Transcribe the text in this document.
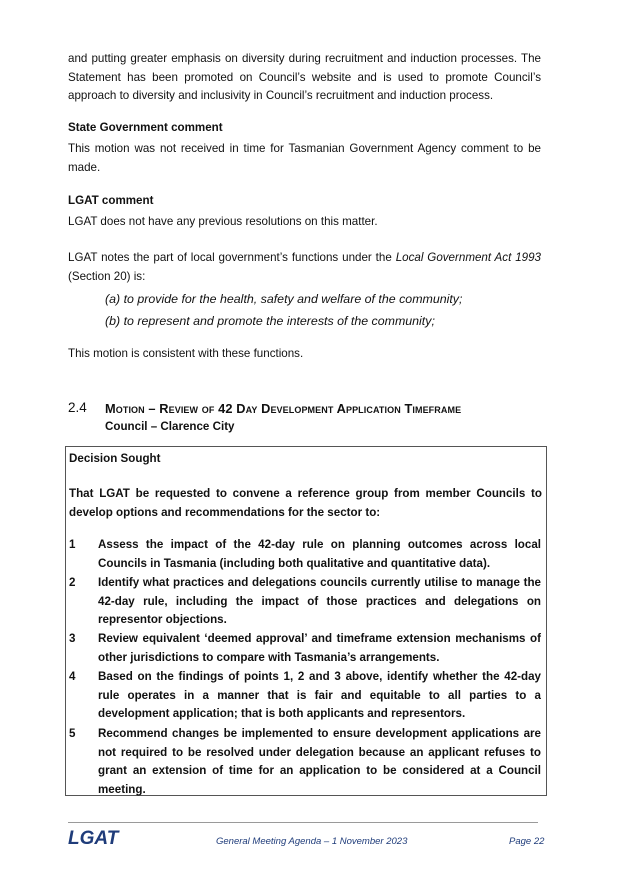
and putting greater emphasis on diversity during recruitment and induction processes. The Statement has been promoted on Council’s website and is used to promote Council’s approach to diversity and inclusivity in Council’s recruitment and induction process.

State Government comment

This motion was not received in time for Tasmanian Government Agency comment to be made.

LGAT comment

LGAT does not have any previous resolutions on this matter.

LGAT notes the part of local government’s functions under the Local Government Act 1993 (Section 20) is:

(a) to provide for the health, safety and welfare of the community;

(b) to represent and promote the interests of the community;

This motion is consistent with these functions.

2.4 Motion – Review of 42 Day Development Application Timeframe
Council – Clarence City

Decision Sought

That LGAT be requested to convene a reference group from member Councils to develop options and recommendations for the sector to:

1 Assess the impact of the 42-day rule on planning outcomes across local Councils in Tasmania (including both qualitative and quantitative data).

2 Identify what practices and delegations councils currently utilise to manage the 42-day rule, including the impact of those practices and delegations on representor objections.

3 Review equivalent ‘deemed approval’ and timeframe extension mechanisms of other jurisdictions to compare with Tasmania’s arrangements.

4 Based on the findings of points 1, 2 and 3 above, identify whether the 42-day rule operates in a manner that is fair and equitable to all parties to a development application; that is both applicants and representors.

5 Recommend changes be implemented to ensure development applications are not required to be resolved under delegation because an applicant refuses to grant an extension of time for an application to be considered at a Council meeting.

LGAT	General Meeting Agenda – 1 November 2023	Page 22
